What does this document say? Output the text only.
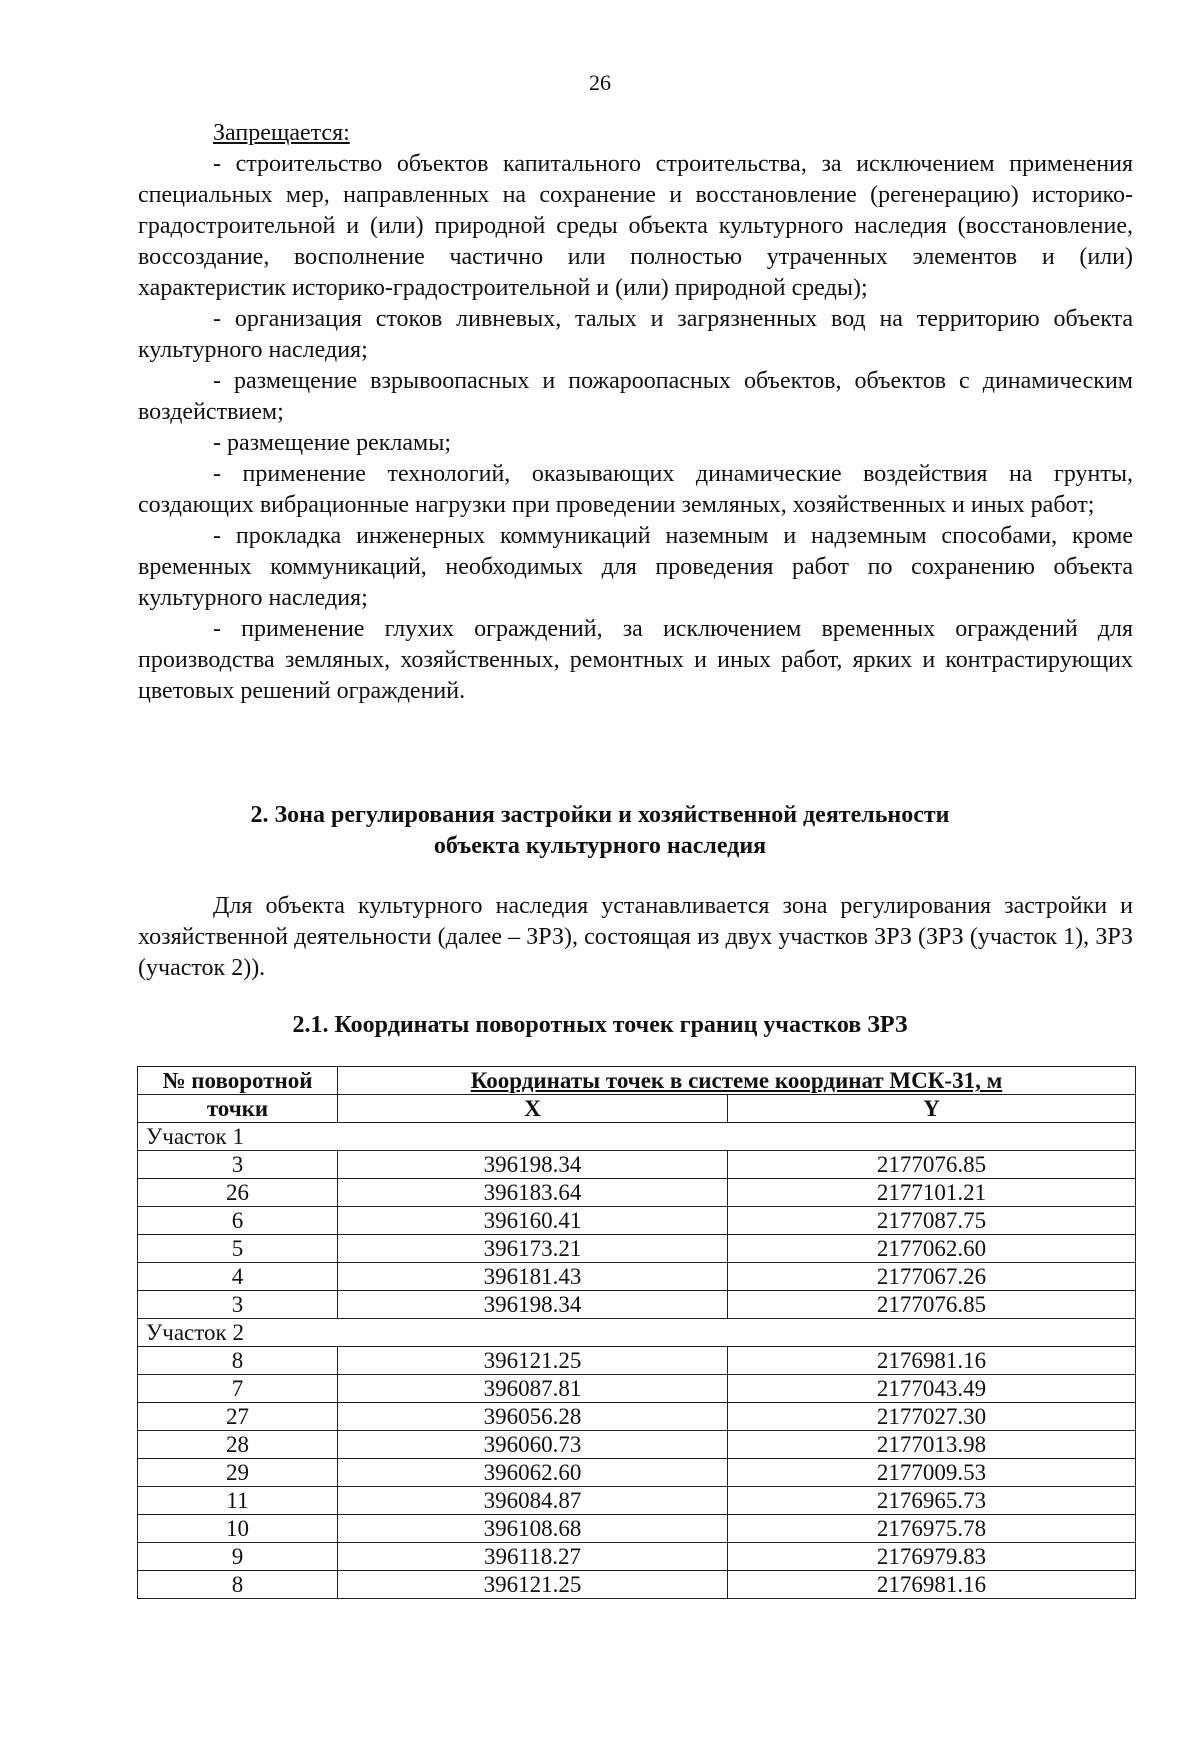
26
Запрещается:

- строительство объектов капитального строительства, за исключением применения специальных мер, направленных на сохранение и восстановление (регенерацию) историко-градостроительной и (или) природной среды объекта культурного наследия (восстановление, воссоздание, восполнение частично или полностью утраченных элементов и (или) характеристик историко-градостроительной и (или) природной среды);

- организация стоков ливневых, талых и загрязненных вод на территорию объекта культурного наследия;

- размещение взрывоопасных и пожароопасных объектов, объектов с динамическим воздействием;

- размещение рекламы;

- применение технологий, оказывающих динамические воздействия на грунты, создающих вибрационные нагрузки при проведении земляных, хозяйственных и иных работ;

- прокладка инженерных коммуникаций наземным и надземным способами, кроме временных коммуникаций, необходимых для проведения работ по сохранению объекта культурного наследия;

- применение глухих ограждений, за исключением временных ограждений для производства земляных, хозяйственных, ремонтных и иных работ, ярких и контрастирующих цветовых решений ограждений.

2. Зона регулирования застройки и хозяйственной деятельности
объекта культурного наследия

Для объекта культурного наследия устанавливается зона регулирования застройки и хозяйственной деятельности (далее – ЗРЗ), состоящая из двух участков ЗРЗ (ЗРЗ (участок 1), ЗРЗ (участок 2)).

2.1. Координаты поворотных точек границ участков ЗРЗ
№ поворотной	Координаты точек в системе координат МСК-31, м	
точки	X	Y
Участок 1		
3	396198.34	2177076.85
26	396183.64	2177101.21
6	396160.41	2177087.75
5	396173.21	2177062.60
4	396181.43	2177067.26
3	396198.34	2177076.85
Участок 2		
8	396121.25	2176981.16
7	396087.81	2177043.49
27	396056.28	2177027.30
28	396060.73	2177013.98
29	396062.60	2177009.53
11	396084.87	2176965.73
10	396108.68	2176975.78
9	396118.27	2176979.83
8	396121.25	2176981.16
